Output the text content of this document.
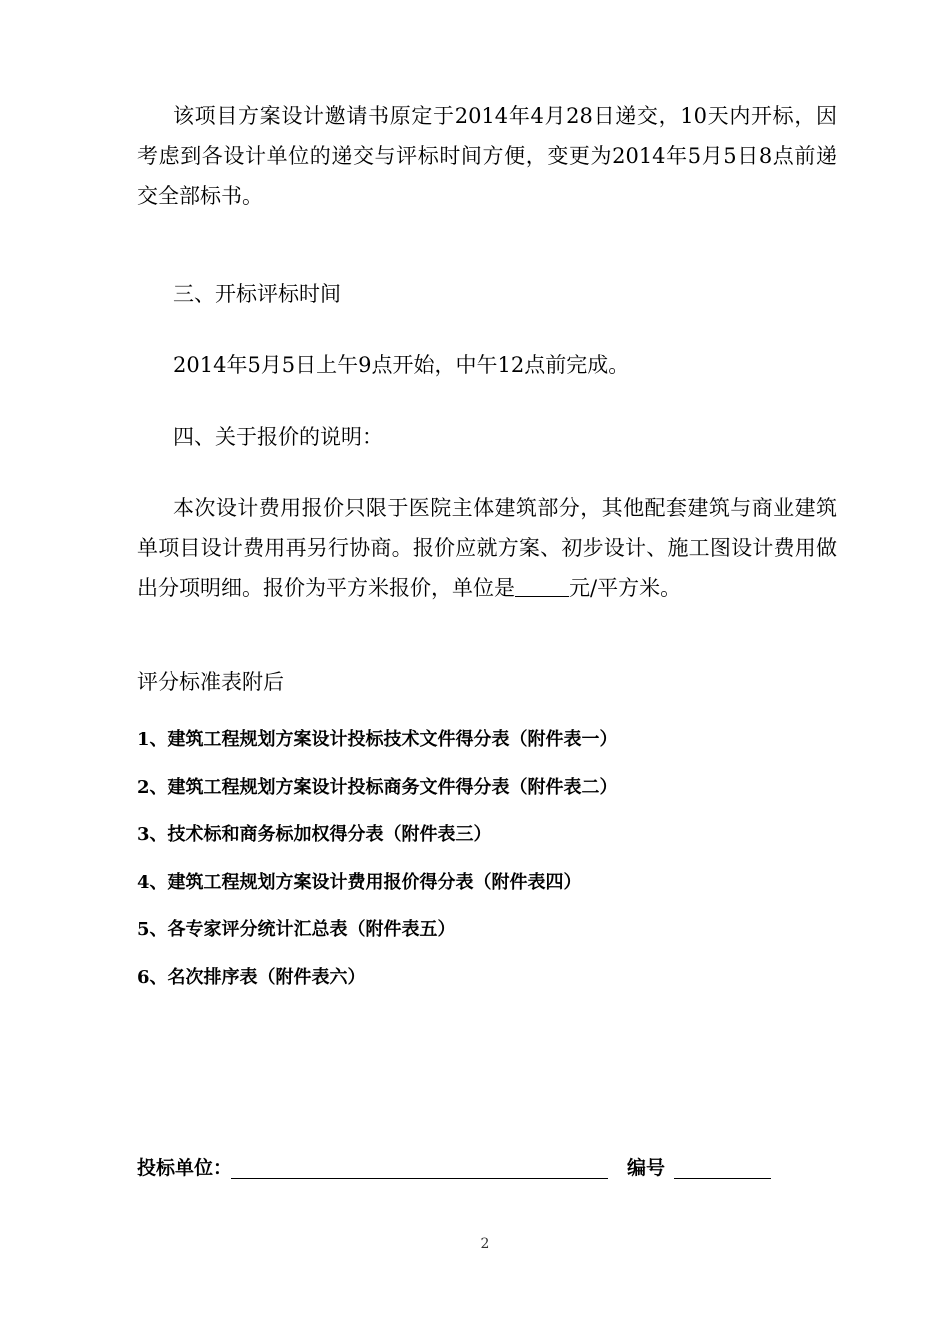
该项目方案设计邀请书原定于2014年4月28日递交，10天内开标，因考虑到各设计单位的递交与评标时间方便，变更为2014年5月5日8点前递交全部标书。

三、开标评标时间

2014年5月5日上午9点开始，中午12点前完成。

四、关于报价的说明：

本次设计费用报价只限于医院主体建筑部分，其他配套建筑与商业建筑单项目设计费用再另行协商。报价应就方案、初步设计、施工图设计费用做出分项明细。报价为平方米报价，单位是	元/平方米。

评分标准表附后

1、建筑工程规划方案设计投标技术文件得分表（附件表一）
2、建筑工程规划方案设计投标商务文件得分表（附件表二）
3、技术标和商务标加权得分表（附件表三）
4、建筑工程规划方案设计费用报价得分表（附件表四）
5、各专家评分统计汇总表（附件表五）
6、名次排序表（附件表六）
投标单位：	编号
2
